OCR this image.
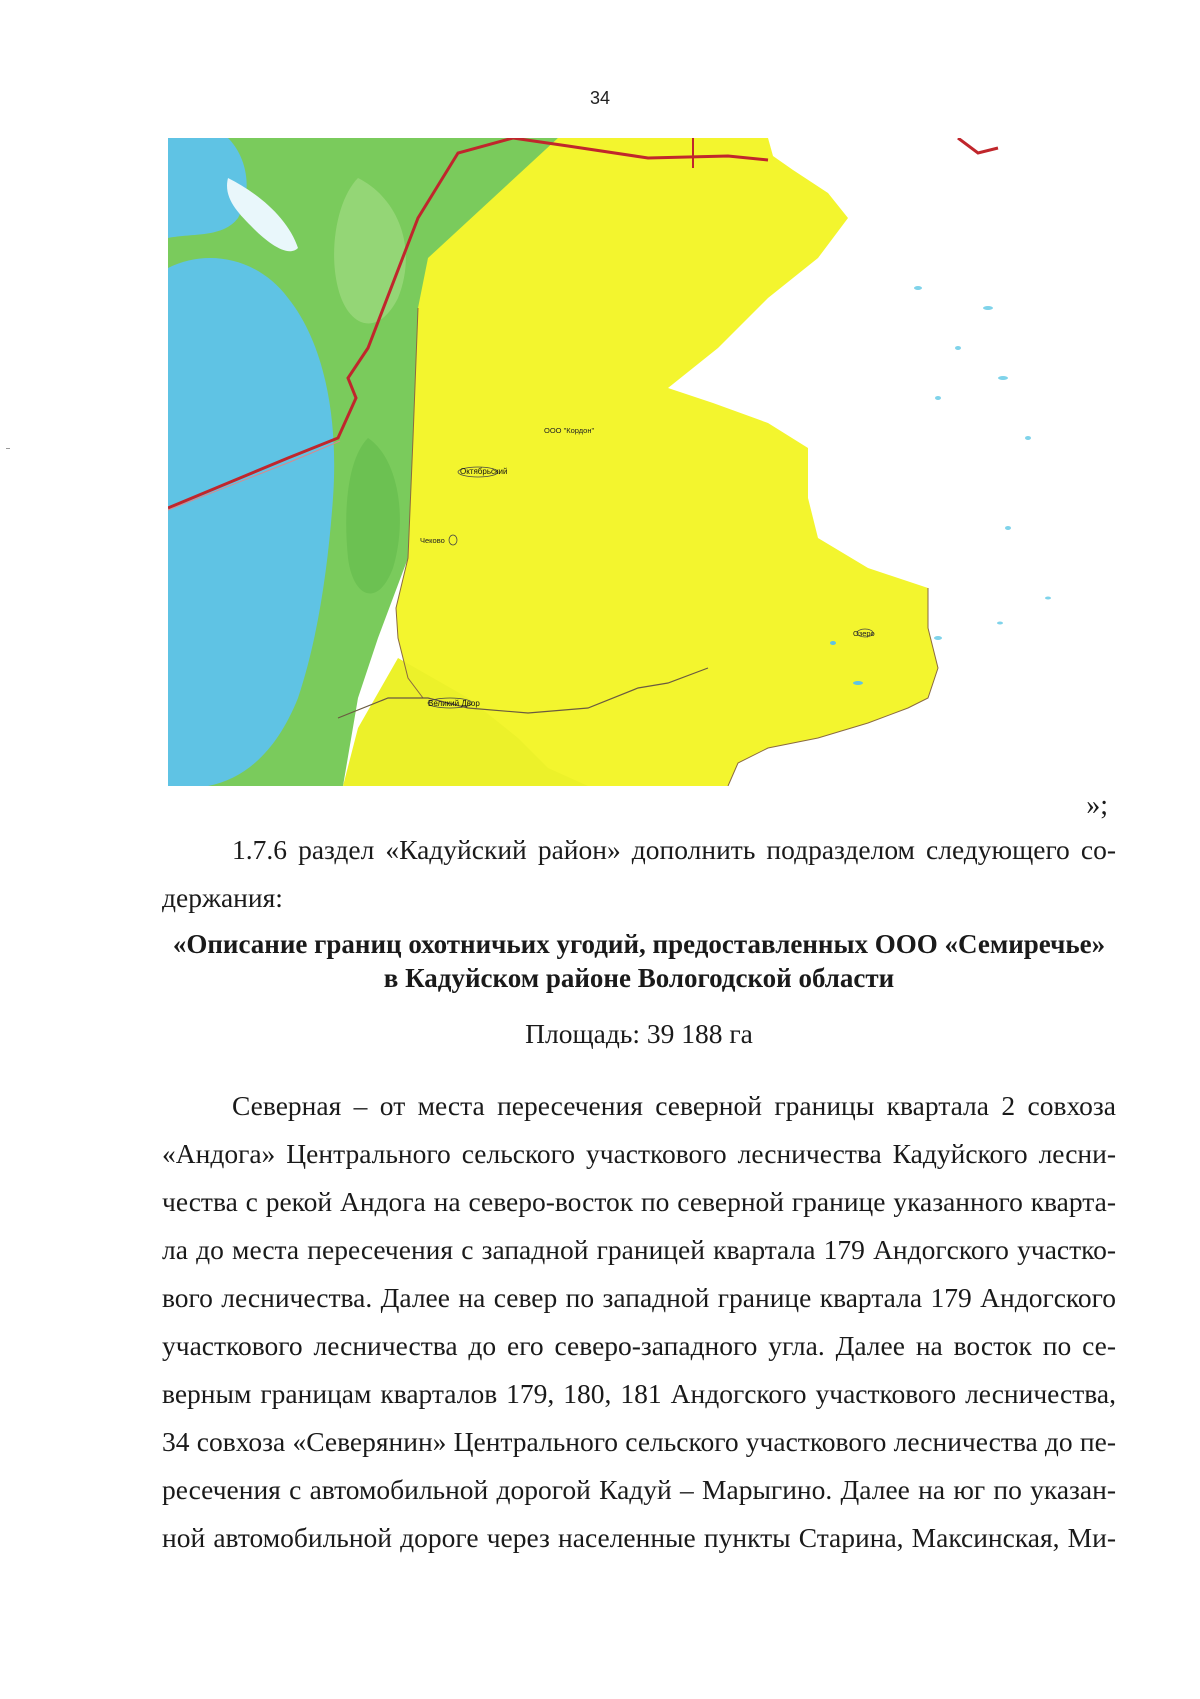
34
ООО "Кордон"
Октябрьский
Чеково
Озеро
Великий Двор
»;
1.7.6 раздел «Кадуйский район» дополнить подразделом следующего со-
держания:
«Описание границ охотничьих угодий, предоставленных ООО «Семиречье»
в Кадуйском районе Вологодской области
Площадь: 39 188 га
Северная – от места пересечения северной границы квартала 2 совхоза
«Андога» Центрального сельского участкового лесничества Кадуйского лесни-
чества с рекой Андога на северо-восток по северной границе указанного кварта-
ла до места пересечения с западной границей квартала 179 Андогского участко-
вого лесничества. Далее на север по западной границе квартала 179 Андогского
участкового лесничества до его северо-западного угла. Далее на восток по се-
верным границам кварталов 179, 180, 181 Андогского участкового лесничества,
34 совхоза «Северянин» Центрального сельского участкового лесничества до пе-
ресечения с автомобильной дорогой Кадуй – Марыгино. Далее на юг по указан-
ной автомобильной дороге через населенные пункты Старина, Максинская, Ми-
